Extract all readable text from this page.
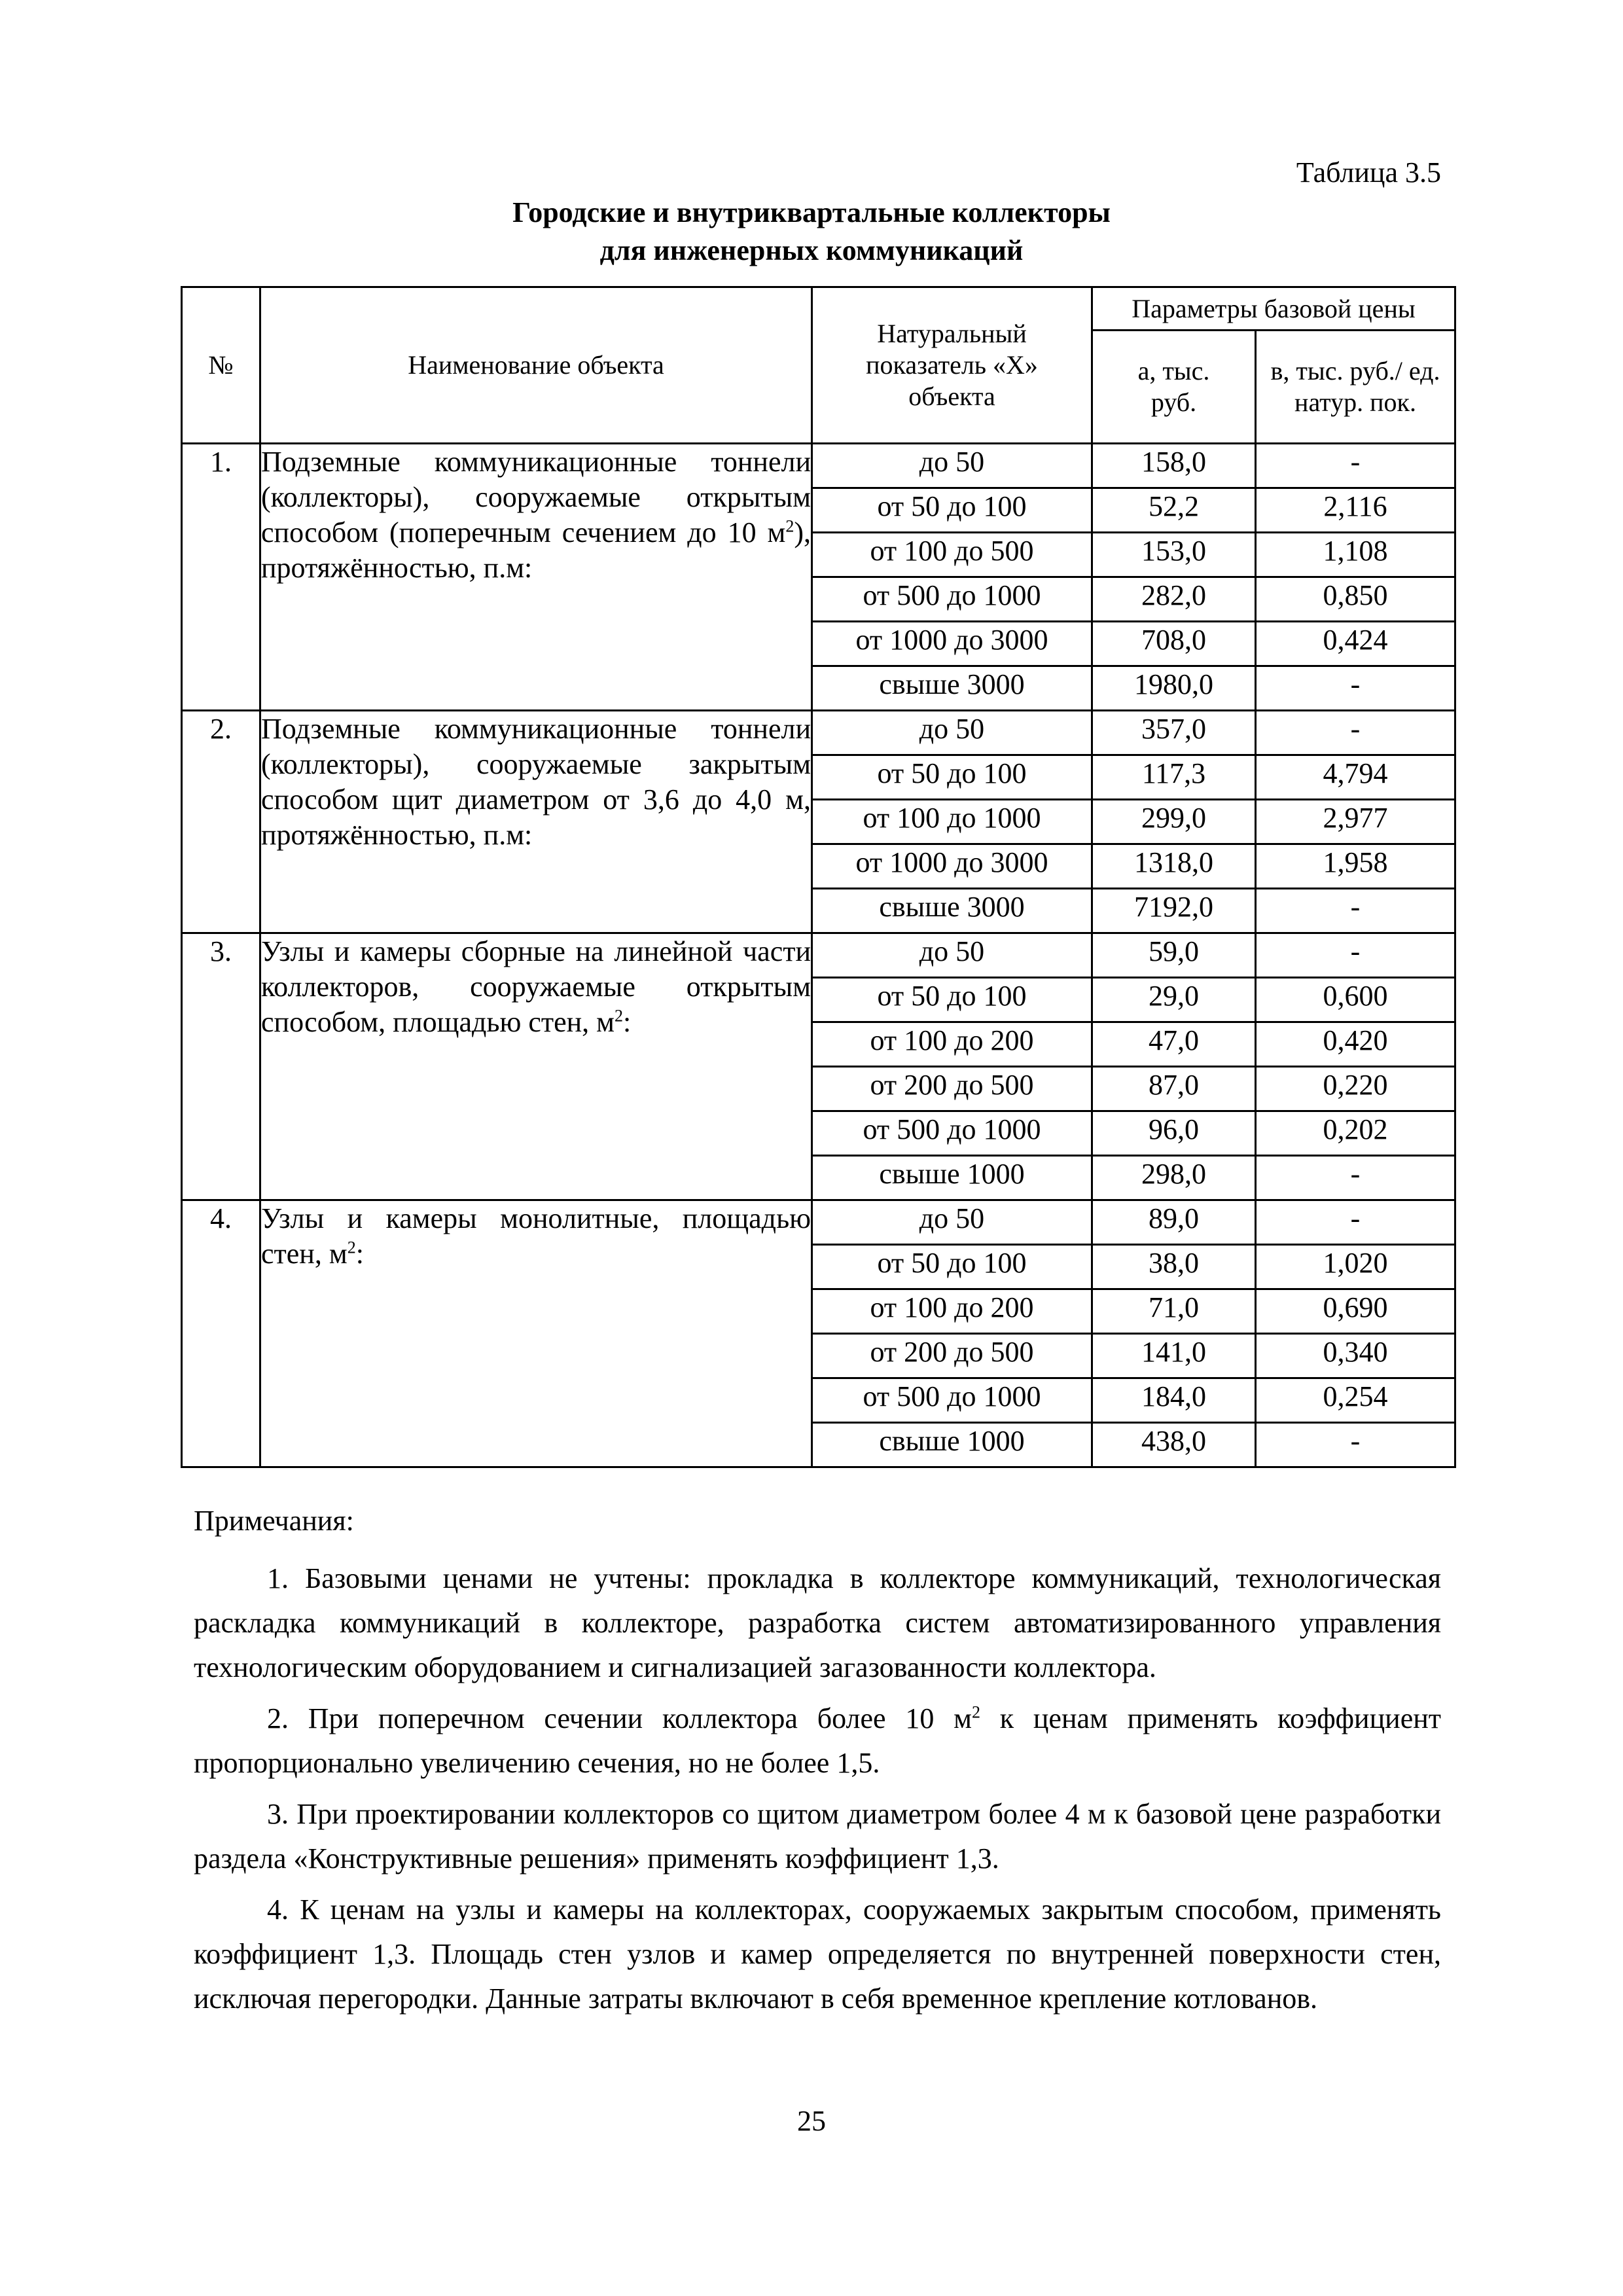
Таблица 3.5
Городские и внутриквартальные коллекторы
для инженерных коммуникаций
№	Наименование объекта	Натуральный показатель «X» объекта	Параметры базовой цены	
			а, тыс. руб.	в, тыс. руб./ ед. натур. пок.
1.	Подземные коммуникационные тоннели (коллекторы), сооружаемые открытым способом (поперечным сечением до 10 $м^2$), протяжённостью, п.м:	до 50	158,0	-
		от 50 до 100	52,2	2,116
		от 100 до 500	153,0	1,108
		от 500 до 1000	282,0	0,850
		от 1000 до 3000	708,0	0,424
		свыше 3000	1980,0	-
2.	Подземные коммуникационные тоннели (коллекторы), сооружаемые закрытым способом щит диаметром от 3,6 до 4,0 м, протяжённостью, п.м:	до 50	357,0	-
		от 50 до 100	117,3	4,794
		от 100 до 1000	299,0	2,977
		от 1000 до 3000	1318,0	1,958
		свыше 3000	7192,0	-
3.	Узлы и камеры сборные на линейной части коллекторов, сооружаемые открытым способом, площадью стен, $м^2$:	до 50	59,0	-
		от 50 до 100	29,0	0,600
		от 100 до 200	47,0	0,420
		от 200 до 500	87,0	0,220
		от 500 до 1000	96,0	0,202
		свыше 1000	298,0	-
4.	Узлы и камеры монолитные, площадью стен, $м^2$:	до 50	89,0	-
		от 50 до 100	38,0	1,020
		от 100 до 200	71,0	0,690
		от 200 до 500	141,0	0,340
		от 500 до 1000	184,0	0,254
		свыше 1000	438,0	-
Примечания:

1. Базовыми ценами не учтены: прокладка в коллекторе коммуникаций, технологическая раскладка коммуникаций в коллекторе, разработка систем автоматизированного управления технологическим оборудованием и сигнализацией загазованности коллектора.

2. При поперечном сечении коллектора более 10 $м^2$ к ценам применять коэффициент пропорционально увеличению сечения, но не более 1,5.

3. При проектировании коллекторов со щитом диаметром более 4 м к базовой цене разработки раздела «Конструктивные решения» применять коэффициент 1,3.

4. К ценам на узлы и камеры на коллекторах, сооружаемых закрытым способом, применять коэффициент 1,3. Площадь стен узлов и камер определяется по внутренней поверхности стен, исключая перегородки. Данные затраты включают в себя временное крепление котлованов.

25
